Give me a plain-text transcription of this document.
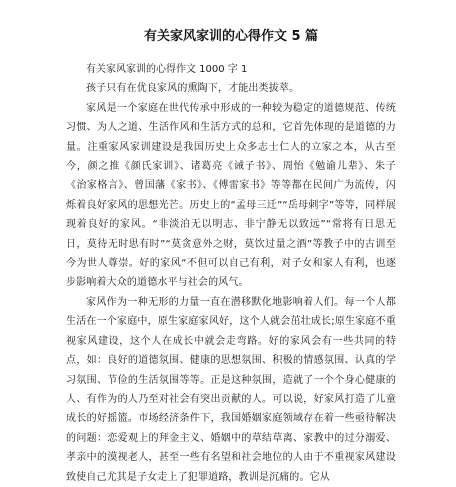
有关家风家训的心得作文 5 篇

有关家风家训的心得作文 1000 字 1

孩子只有在优良家风的熏陶下，才能出类拔萃。

家风是一个家庭在世代传承中形成的一种较为稳定的道德规范、传统习惯、为人之道、生活作风和生活方式的总和，它首先体现的是道德的力量。注重家风家训建设是我国历史上众多志士仁人的立家之本，从古至今，颜之推《颜氏家训》、诸葛亮《诫子书》、周怡《勉谕儿辈》、朱子《治家格言》、曾国藩《家书》、《傅雷家书》等等都在民间广为流传，闪烁着良好家风的思想光芒。历史上的“孟母三迁”“岳母刺字”等等，同样展现着良好的家风。“非淡泊无以明志、非宁静无以致远”“常将有日思无日，莫待无时思有时”“莫贪意外之财，莫饮过量之酒”等教子中的古训至今为世人尊崇。好的家风“不但可以自己有利，对子女和家人有利，也逐步影响着大众的道德水平与社会的风气。

家风作为一种无形的力量一直在潜移默化地影响着人们。每一个人都生活在一个家庭中，原生家庭家风好，这个人就会茁壮成长;原生家庭不重视家风建设，这个人在成长中就会走弯路。好的家风会有一些共同的特点，如：良好的道德氛围、健康的思想氛围、积极的情感氛围、认真的学习氛围、节俭的生活氛围等等。正是这种氛围，造就了一个个身心健康的人、有作为的人乃至对社会有突出贡献的人。可以说，好家风打造了儿童成长的好摇篮。市场经济条件下，我国婚姻家庭领域存在着一些亟待解决的问题：恋爱观上的拜金主义、婚姻中的草结草离、家教中的过分溺爱、孝亲中的漠视老人，甚至一些有名望和社会地位的人由于不重视家风建设致使自己尤其是子女走上了犯罪道路，教训是沉痛的。它从
